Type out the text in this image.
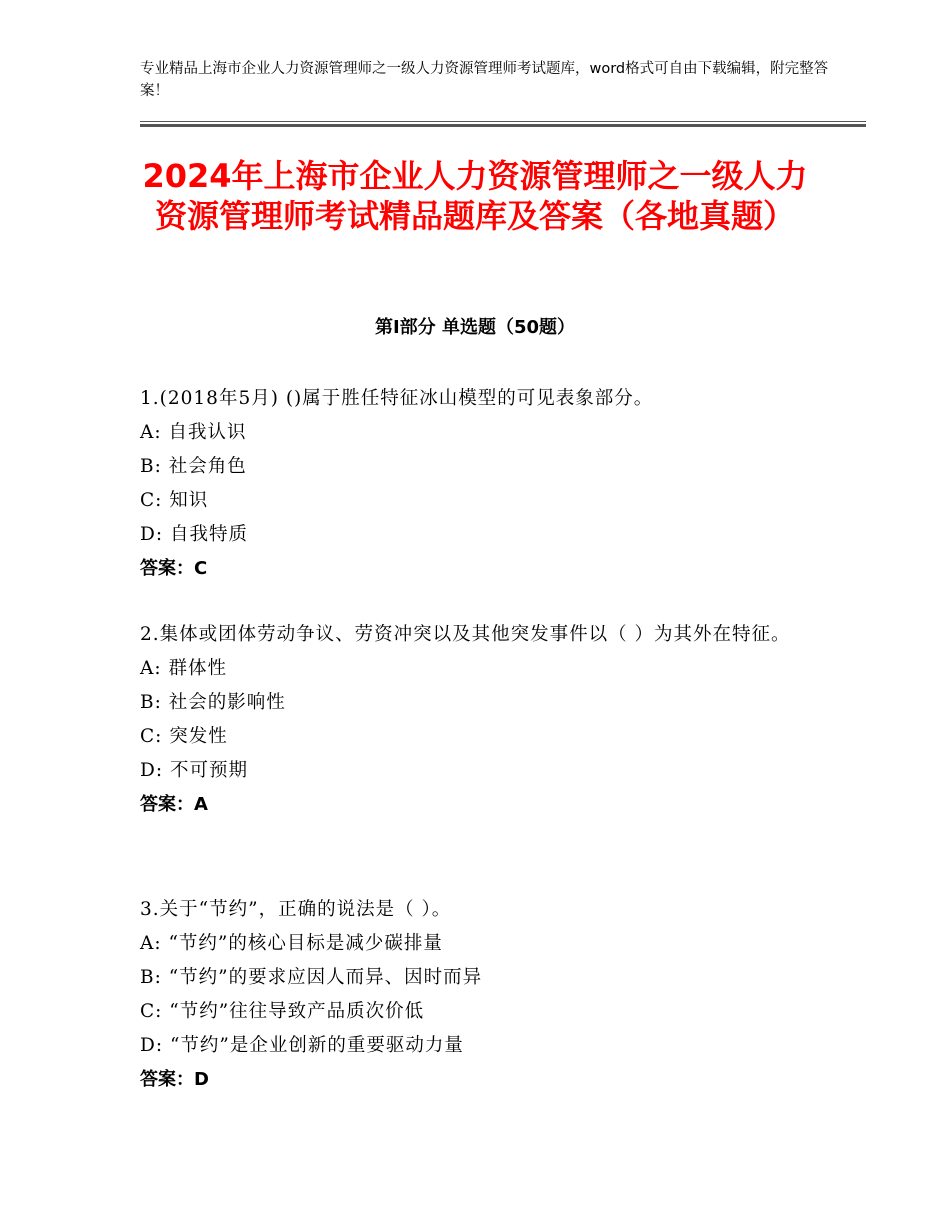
专业精品上海市企业人力资源管理师之一级人力资源管理师考试题库，word格式可自由下载编辑，附完整答案！
2024年上海市企业人力资源管理师之一级人力资源管理师考试精品题库及答案（各地真题）
第Ⅰ部分 单选题（50题）
1.(2018年5月) ()属于胜任特征冰山模型的可见表象部分。
A: 自我认识
B: 社会角色
C: 知识
D: 自我特质
答案：C
2.集体或团体劳动争议、劳资冲突以及其他突发事件以（ ）为其外在特征。
A: 群体性
B: 社会的影响性
C: 突发性
D: 不可预期
答案：A
3.关于“节约”，正确的说法是（ ）。
A: “节约”的核心目标是减少碳排量
B: “节约”的要求应因人而异、因时而异
C: “节约”往往导致产品质次价低
D: “节约”是企业创新的重要驱动力量
答案：D
